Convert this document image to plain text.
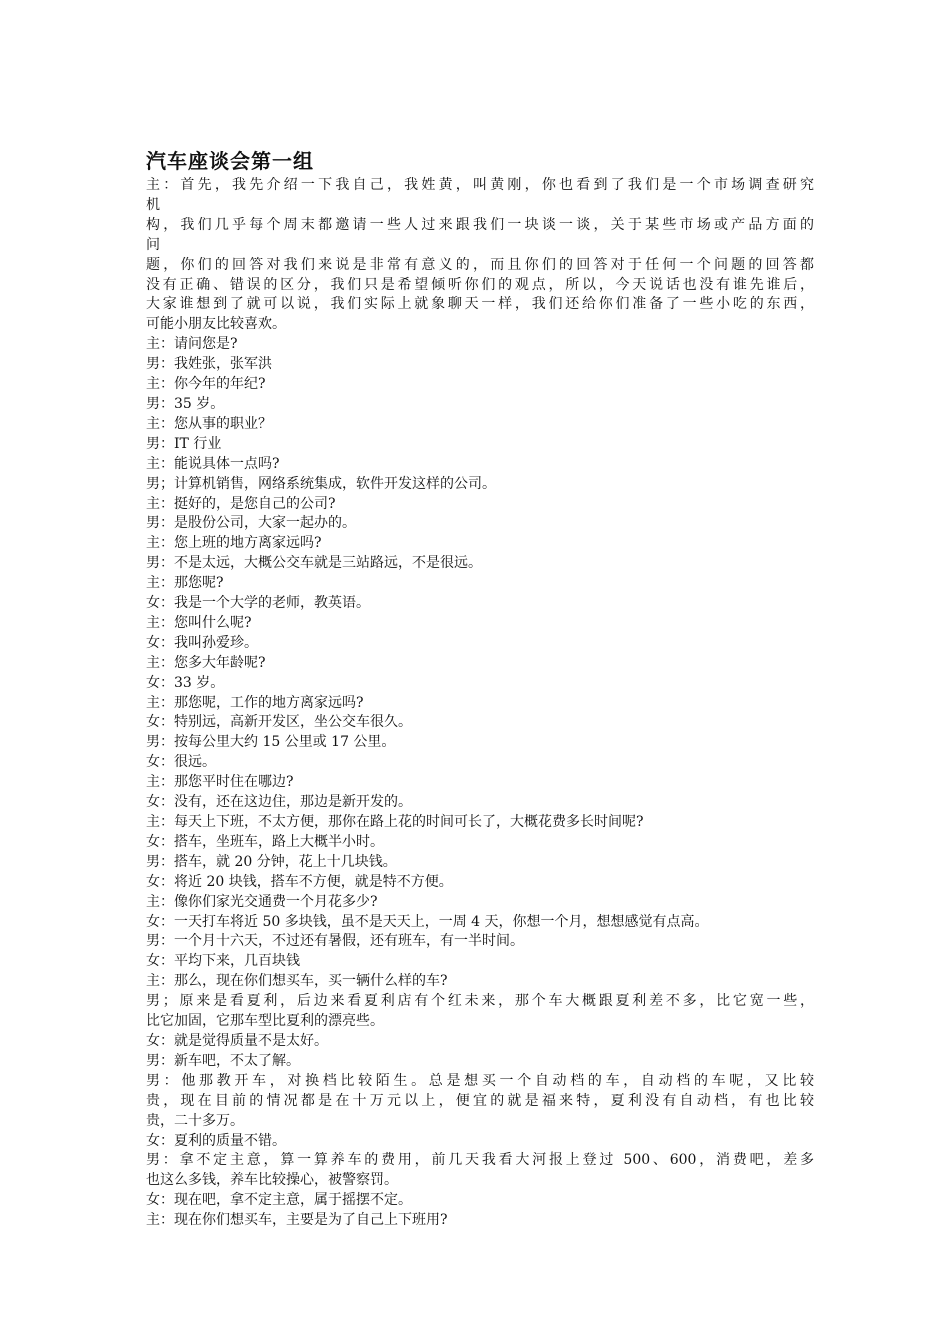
汽车座谈会第一组

主：首先，我先介绍一下我自己，我姓黄，叫黄刚，你也看到了我们是一个市场调查研究

机

构，我们几乎每个周末都邀请一些人过来跟我们一块谈一谈，关于某些市场或产品方面的

问

题，你们的回答对我们来说是非常有意义的，而且你们的回答对于任何一个问题的回答都

没有正确、错误的区分，我们只是希望倾听你们的观点，所以，今天说话也没有谁先谁后，

大家谁想到了就可以说，我们实际上就象聊天一样，我们还给你们准备了一些小吃的东西，

可能小朋友比较喜欢。

主：请问您是?

男：我姓张，张军洪

主：你今年的年纪?

男：35 岁。

主：您从事的职业？

男：IT 行业

主：能说具体一点吗?

男；计算机销售，网络系统集成，软件开发这样的公司。

主：挺好的，是您自己的公司?

男：是股份公司，大家一起办的。

主：您上班的地方离家远吗?

男：不是太远，大概公交车就是三站路远，不是很远。

主：那您呢?

女：我是一个大学的老师，教英语。

主：您叫什么呢?

女：我叫孙爱珍。

主：您多大年龄呢?

女：33 岁。

主：那您呢，工作的地方离家远吗?

女：特别远，高新开发区，坐公交车很久。

男：按每公里大约 15 公里或 17 公里。

女：很远。

主：那您平时住在哪边?

女：没有，还在这边住，那边是新开发的。

主：每天上下班，不太方便，那你在路上花的时间可长了，大概花费多长时间呢?

女：搭车，坐班车，路上大概半小时。

男：搭车，就 20 分钟，花上十几块钱。

女：将近 20 块钱，搭车不方便，就是特不方便。

主：像你们家光交通费一个月花多少?

女：一天打车将近 50 多块钱，虽不是天天上，一周 4 天，你想一个月，想想感觉有点高。

男：一个月十六天，不过还有暑假，还有班车，有一半时间。

女：平均下来，几百块钱

主：那么，现在你们想买车，买一辆什么样的车?

男；原来是看夏利，后边来看夏利店有个红未来，那个车大概跟夏利差不多，比它宽一些，

比它加固，它那车型比夏利的漂亮些。

女：就是觉得质量不是太好。

男：新车吧，不太了解。

男：他那教开车，对换档比较陌生。总是想买一个自动档的车，自动档的车呢，又比较

贵，现在目前的情况都是在十万元以上，便宜的就是福来特，夏利没有自动档，有也比较

贵，二十多万。

女：夏利的质量不错。

男：拿不定主意，算一算养车的费用，前几天我看大河报上登过 500、600，消费吧，差多

也这么多钱，养车比较操心，被警察罚。

女：现在吧，拿不定主意，属于摇摆不定。

主：现在你们想买车，主要是为了自己上下班用?
